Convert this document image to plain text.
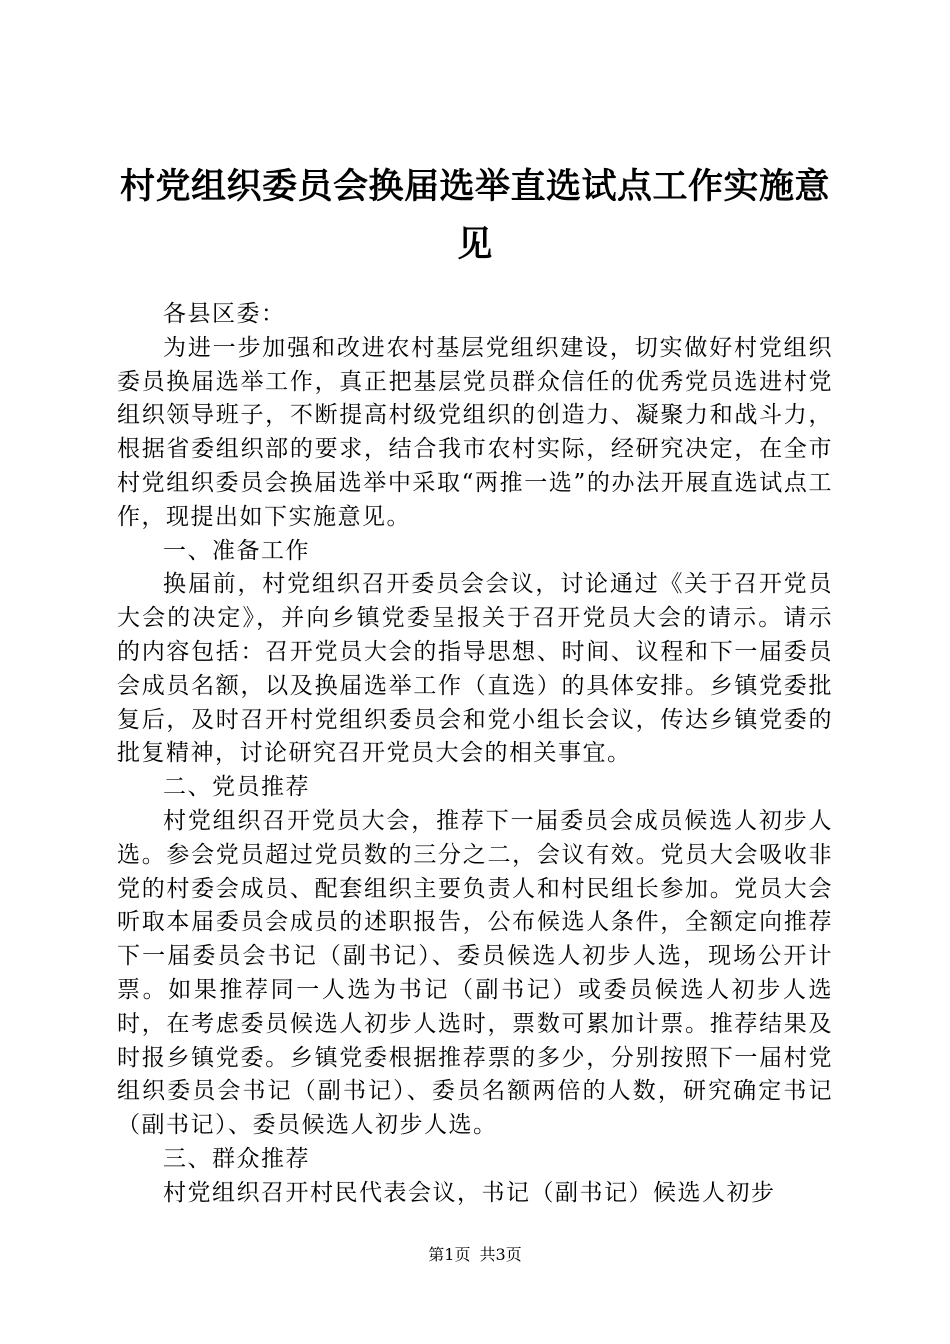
村党组织委员会换届选举直选试点工作实施意见

各县区委：

为进一步加强和改进农村基层党组织建设，切实做好村党组织委员换届选举工作，真正把基层党员群众信任的优秀党员选进村党组织领导班子，不断提高村级党组织的创造力、凝聚力和战斗力，根据省委组织部的要求，结合我市农村实际，经研究决定，在全市村党组织委员会换届选举中采取“两推一选”的办法开展直选试点工作，现提出如下实施意见。

一、准备工作

换届前，村党组织召开委员会会议，讨论通过《关于召开党员大会的决定》，并向乡镇党委呈报关于召开党员大会的请示。请示的内容包括：召开党员大会的指导思想、时间、议程和下一届委员会成员名额，以及换届选举工作（直选）的具体安排。乡镇党委批复后，及时召开村党组织委员会和党小组长会议，传达乡镇党委的批复精神，讨论研究召开党员大会的相关事宜。

二、党员推荐

村党组织召开党员大会，推荐下一届委员会成员候选人初步人选。参会党员超过党员数的三分之二，会议有效。党员大会吸收非党的村委会成员、配套组织主要负责人和村民组长参加。党员大会听取本届委员会成员的述职报告，公布候选人条件，全额定向推荐下一届委员会书记（副书记）、委员候选人初步人选，现场公开计票。如果推荐同一人选为书记（副书记）或委员候选人初步人选时，在考虑委员候选人初步人选时，票数可累加计票。推荐结果及时报乡镇党委。乡镇党委根据推荐票的多少，分别按照下一届村党组织委员会书记（副书记）、委员名额两倍的人数，研究确定书记（副书记）、委员候选人初步人选。

三、群众推荐

村党组织召开村民代表会议，书记（副书记）候选人初步

第1页 共3页
